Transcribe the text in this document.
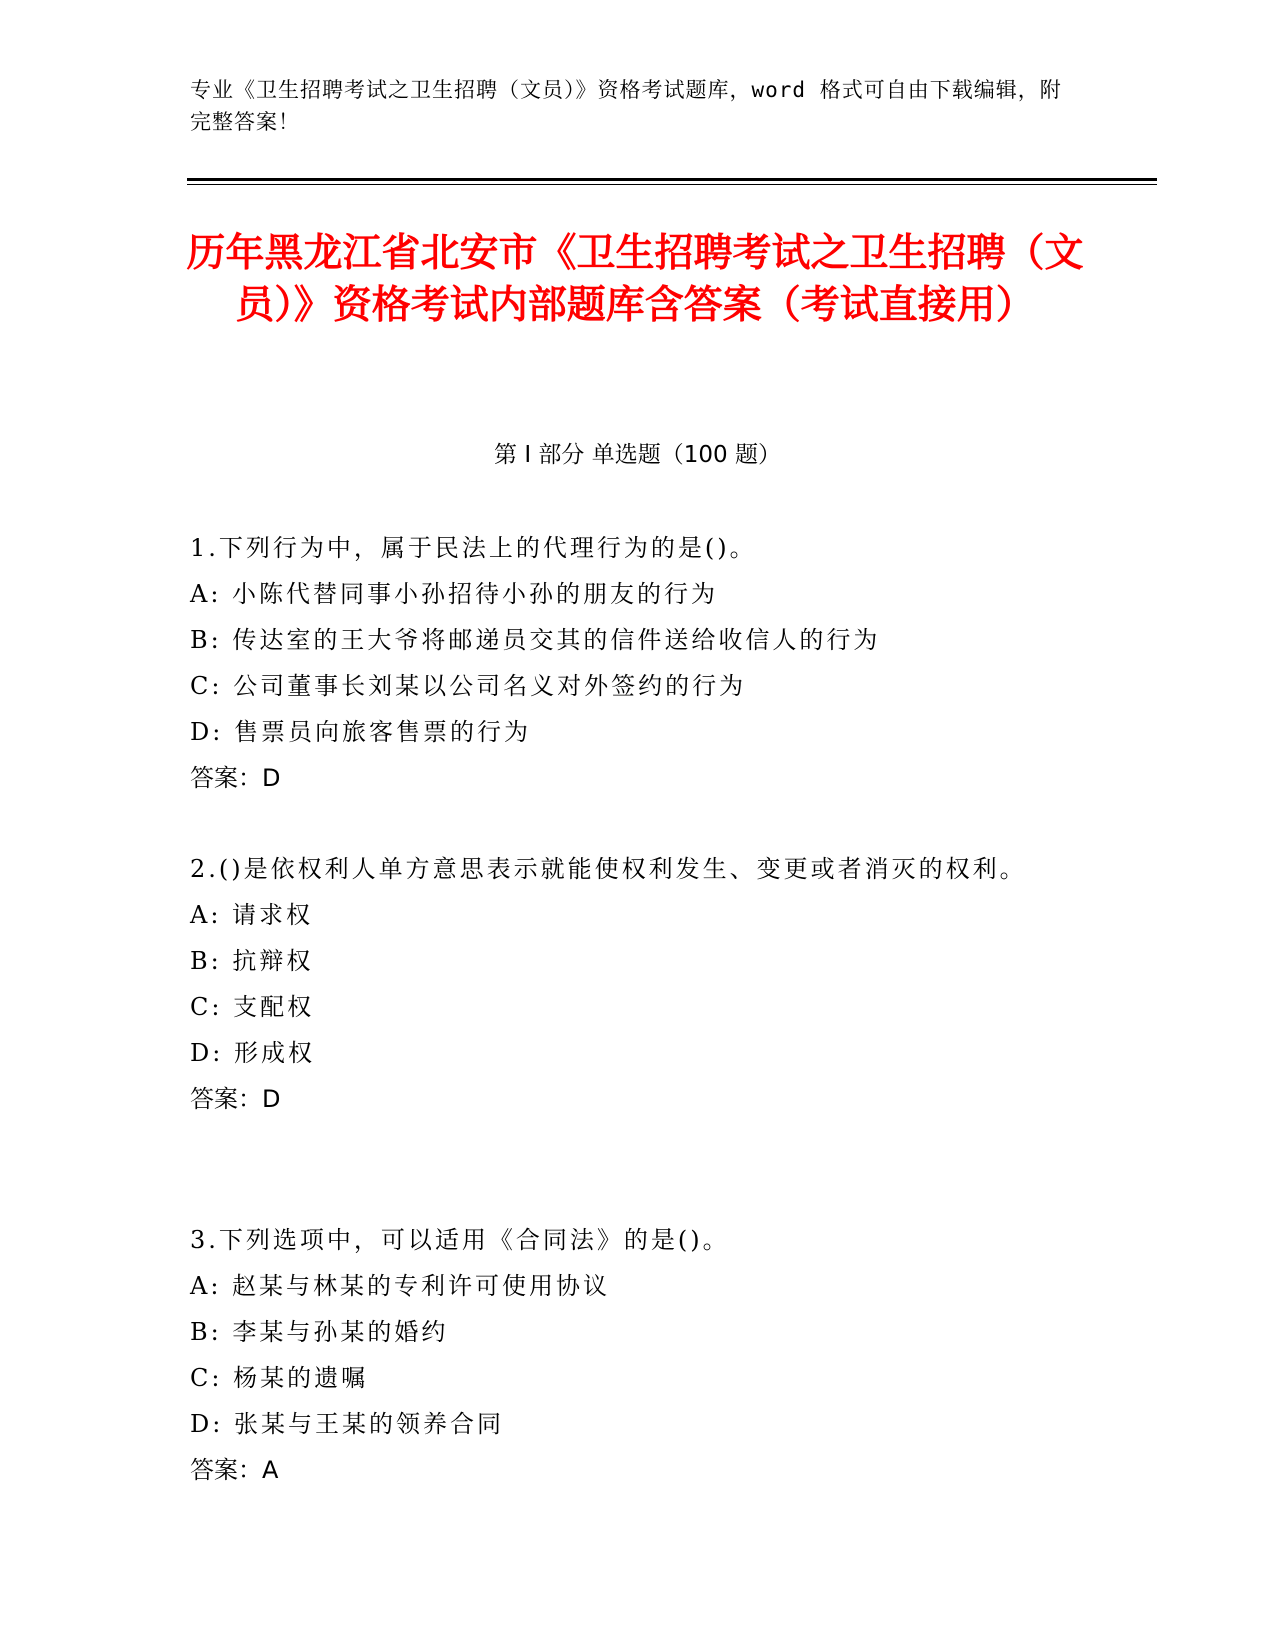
专业《卫生招聘考试之卫生招聘（文员）》资格考试题库，word 格式可自由下载编辑，附完整答案！
历年黑龙江省北安市《卫生招聘考试之卫生招聘（文员）》资格考试内部题库含答案（考试直接用）
第 I 部分 单选题（100 题）
1.下列行为中，属于民法上的代理行为的是()。
A: 小陈代替同事小孙招待小孙的朋友的行为
B: 传达室的王大爷将邮递员交其的信件送给收信人的行为
C: 公司董事长刘某以公司名义对外签约的行为
D: 售票员向旅客售票的行为
答案：D
2.()是依权利人单方意思表示就能使权利发生、变更或者消灭的权利。
A: 请求权
B: 抗辩权
C: 支配权
D: 形成权
答案：D
3.下列选项中，可以适用《合同法》的是()。
A: 赵某与林某的专利许可使用协议
B: 李某与孙某的婚约
C: 杨某的遗嘱
D: 张某与王某的领养合同
答案：A
